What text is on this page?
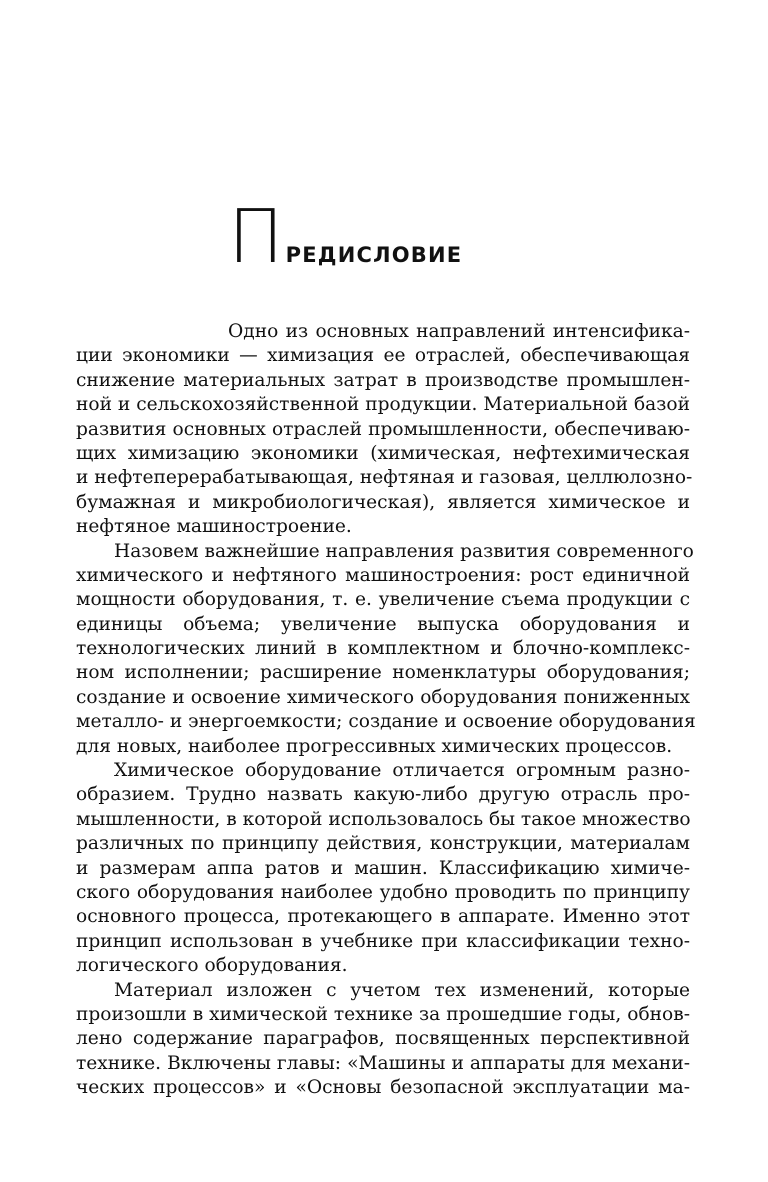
ПРЕДИСЛОВИЕ
Одно из основных направлений интенсифика-
ции экономики — химизация ее отраслей, обеспечивающая
снижение материальных затрат в производстве промышлен-
ной и сельскохозяйственной продукции. Материальной базой
развития основных отраслей промышленности, обеспечиваю-
щих химизацию экономики (химическая, нефтехимическая
и нефтеперерабатывающая, нефтяная и газовая, целлюлозно-
бумажная и микробиологическая), является химическое и
нефтяное машиностроение.
Назовем важнейшие направления развития современного
химического и нефтяного машиностроения: рост единичной
мощности оборудования, т. е. увеличение съема продукции с
единицы объема; увеличение выпуска оборудования и
технологических линий в комплектном и блочно-комплекс-
ном исполнении; расширение номенклатуры оборудования;
создание и освоение химического оборудования пониженных
металло- и энергоемкости; создание и освоение оборудования
для новых, наиболее прогрессивных химических процессов.
Химическое оборудование отличается огромным разно-
образием. Трудно назвать какую-либо другую отрасль про-
мышленности, в которой использовалось бы такое множество
различных по принципу действия, конструкции, материалам
и размерам аппа ратов и машин. Классификацию химиче-
ского оборудования наиболее удобно проводить по принципу
основного процесса, протекающего в аппарате. Именно этот
принцип использован в учебнике при классификации техно-
логического оборудования.
Материал изложен с учетом тех изменений, которые
произошли в химической технике за прошедшие годы, обнов-
лено содержание параграфов, посвященных перспективной
технике. Включены главы: «Машины и аппараты для механи-
ческих процессов» и «Основы безопасной эксплуатации ма-
